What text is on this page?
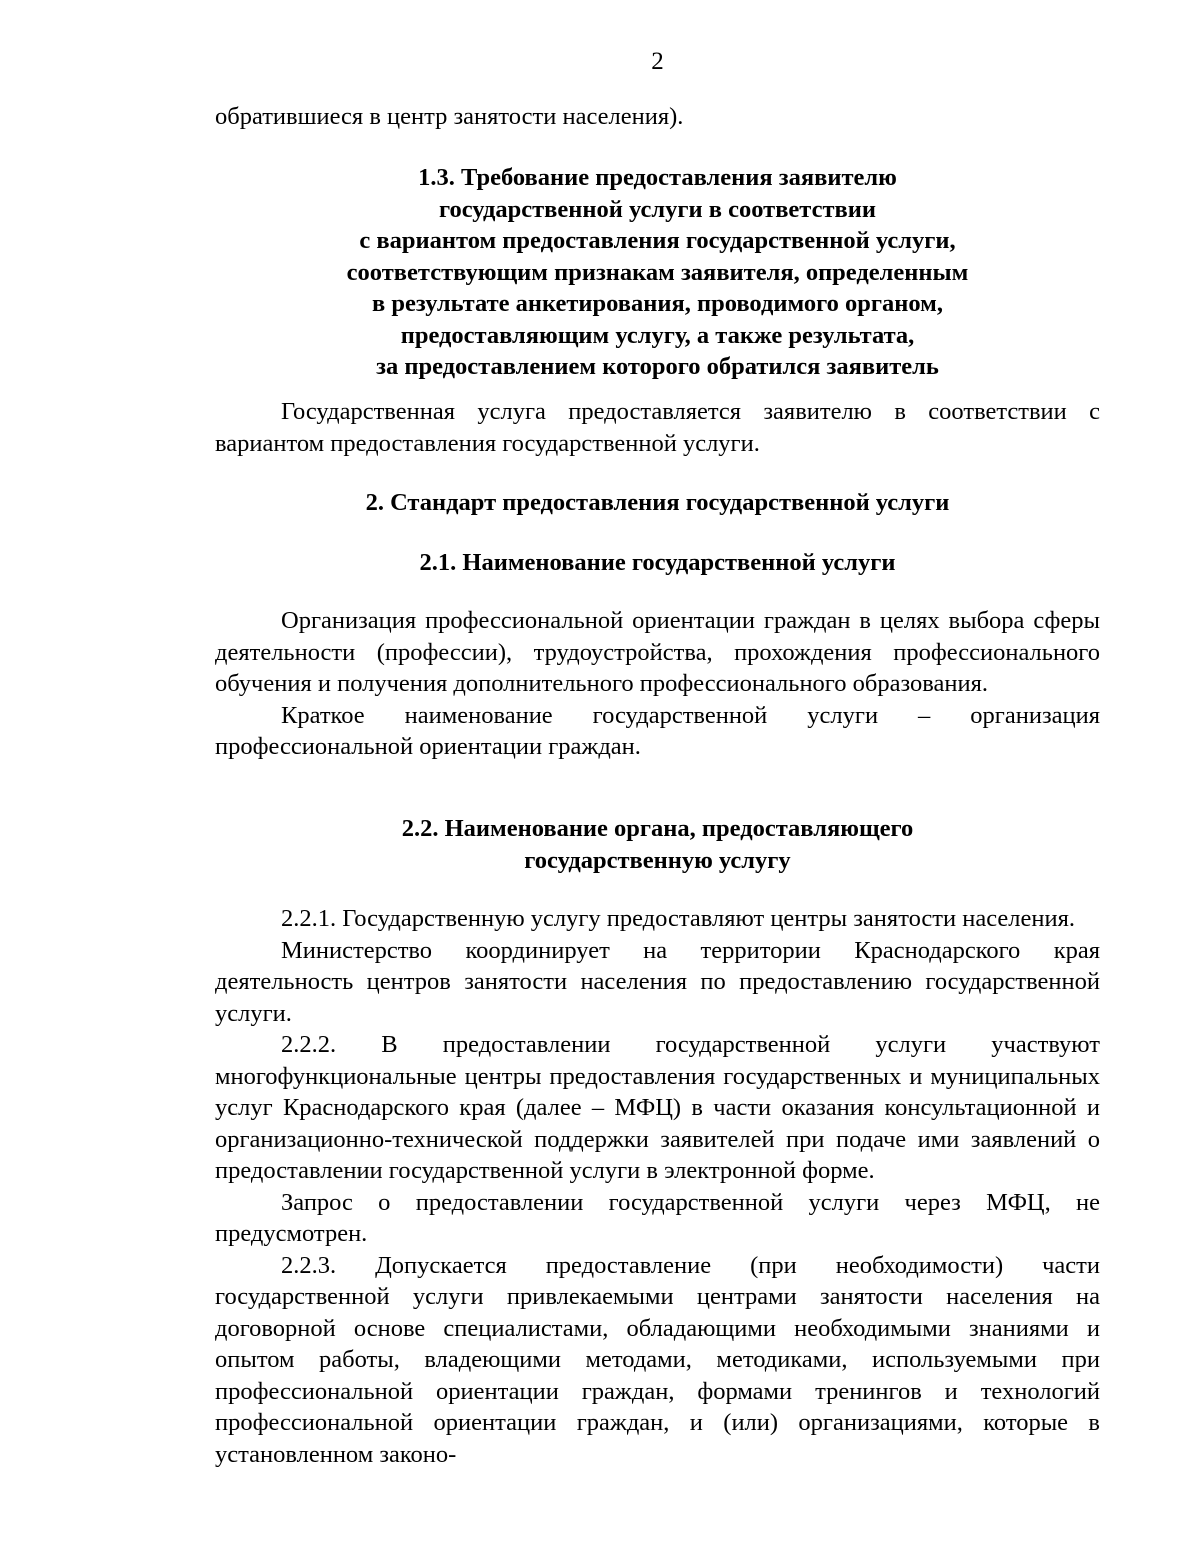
2

обратившиеся в центр занятости населения).

1.3. Требование предоставления заявителю
государственной услуги в соответствии
с вариантом предоставления государственной услуги,
соответствующим признакам заявителя, определенным
в результате анкетирования, проводимого органом,
предоставляющим услугу, а также результата,
за предоставлением которого обратился заявитель

Государственная услуга предоставляется заявителю в соответствии с вариантом предоставления государственной услуги.

2. Стандарт предоставления государственной услуги
2.1. Наименование государственной услуги

Организация профессиональной ориентации граждан в целях выбора сферы деятельности (профессии), трудоустройства, прохождения профессионального обучения и получения дополнительного профессионального образования.

Краткое наименование государственной услуги – организация профессиональной ориентации граждан.

2.2. Наименование органа, предоставляющего
государственную услугу

2.2.1. Государственную услугу предоставляют центры занятости населения.

Министерство координирует на территории Краснодарского края деятельность центров занятости населения по предоставлению государственной услуги.

2.2.2. В предоставлении государственной услуги участвуют многофункциональные центры предоставления государственных и муниципальных услуг Краснодарского края (далее – МФЦ) в части оказания консультационной и организационно-технической поддержки заявителей при подаче ими заявлений о предоставлении государственной услуги в электронной форме.

Запрос о предоставлении государственной услуги через МФЦ, не предусмотрен.

2.2.3. Допускается предоставление (при необходимости) части государственной услуги привлекаемыми центрами занятости населения на договорной основе специалистами, обладающими необходимыми знаниями и опытом работы, владеющими методами, методиками, используемыми при профессиональной ориентации граждан, формами тренингов и технологий профессиональной ориентации граждан, и (или) организациями, которые в установленном законо-
